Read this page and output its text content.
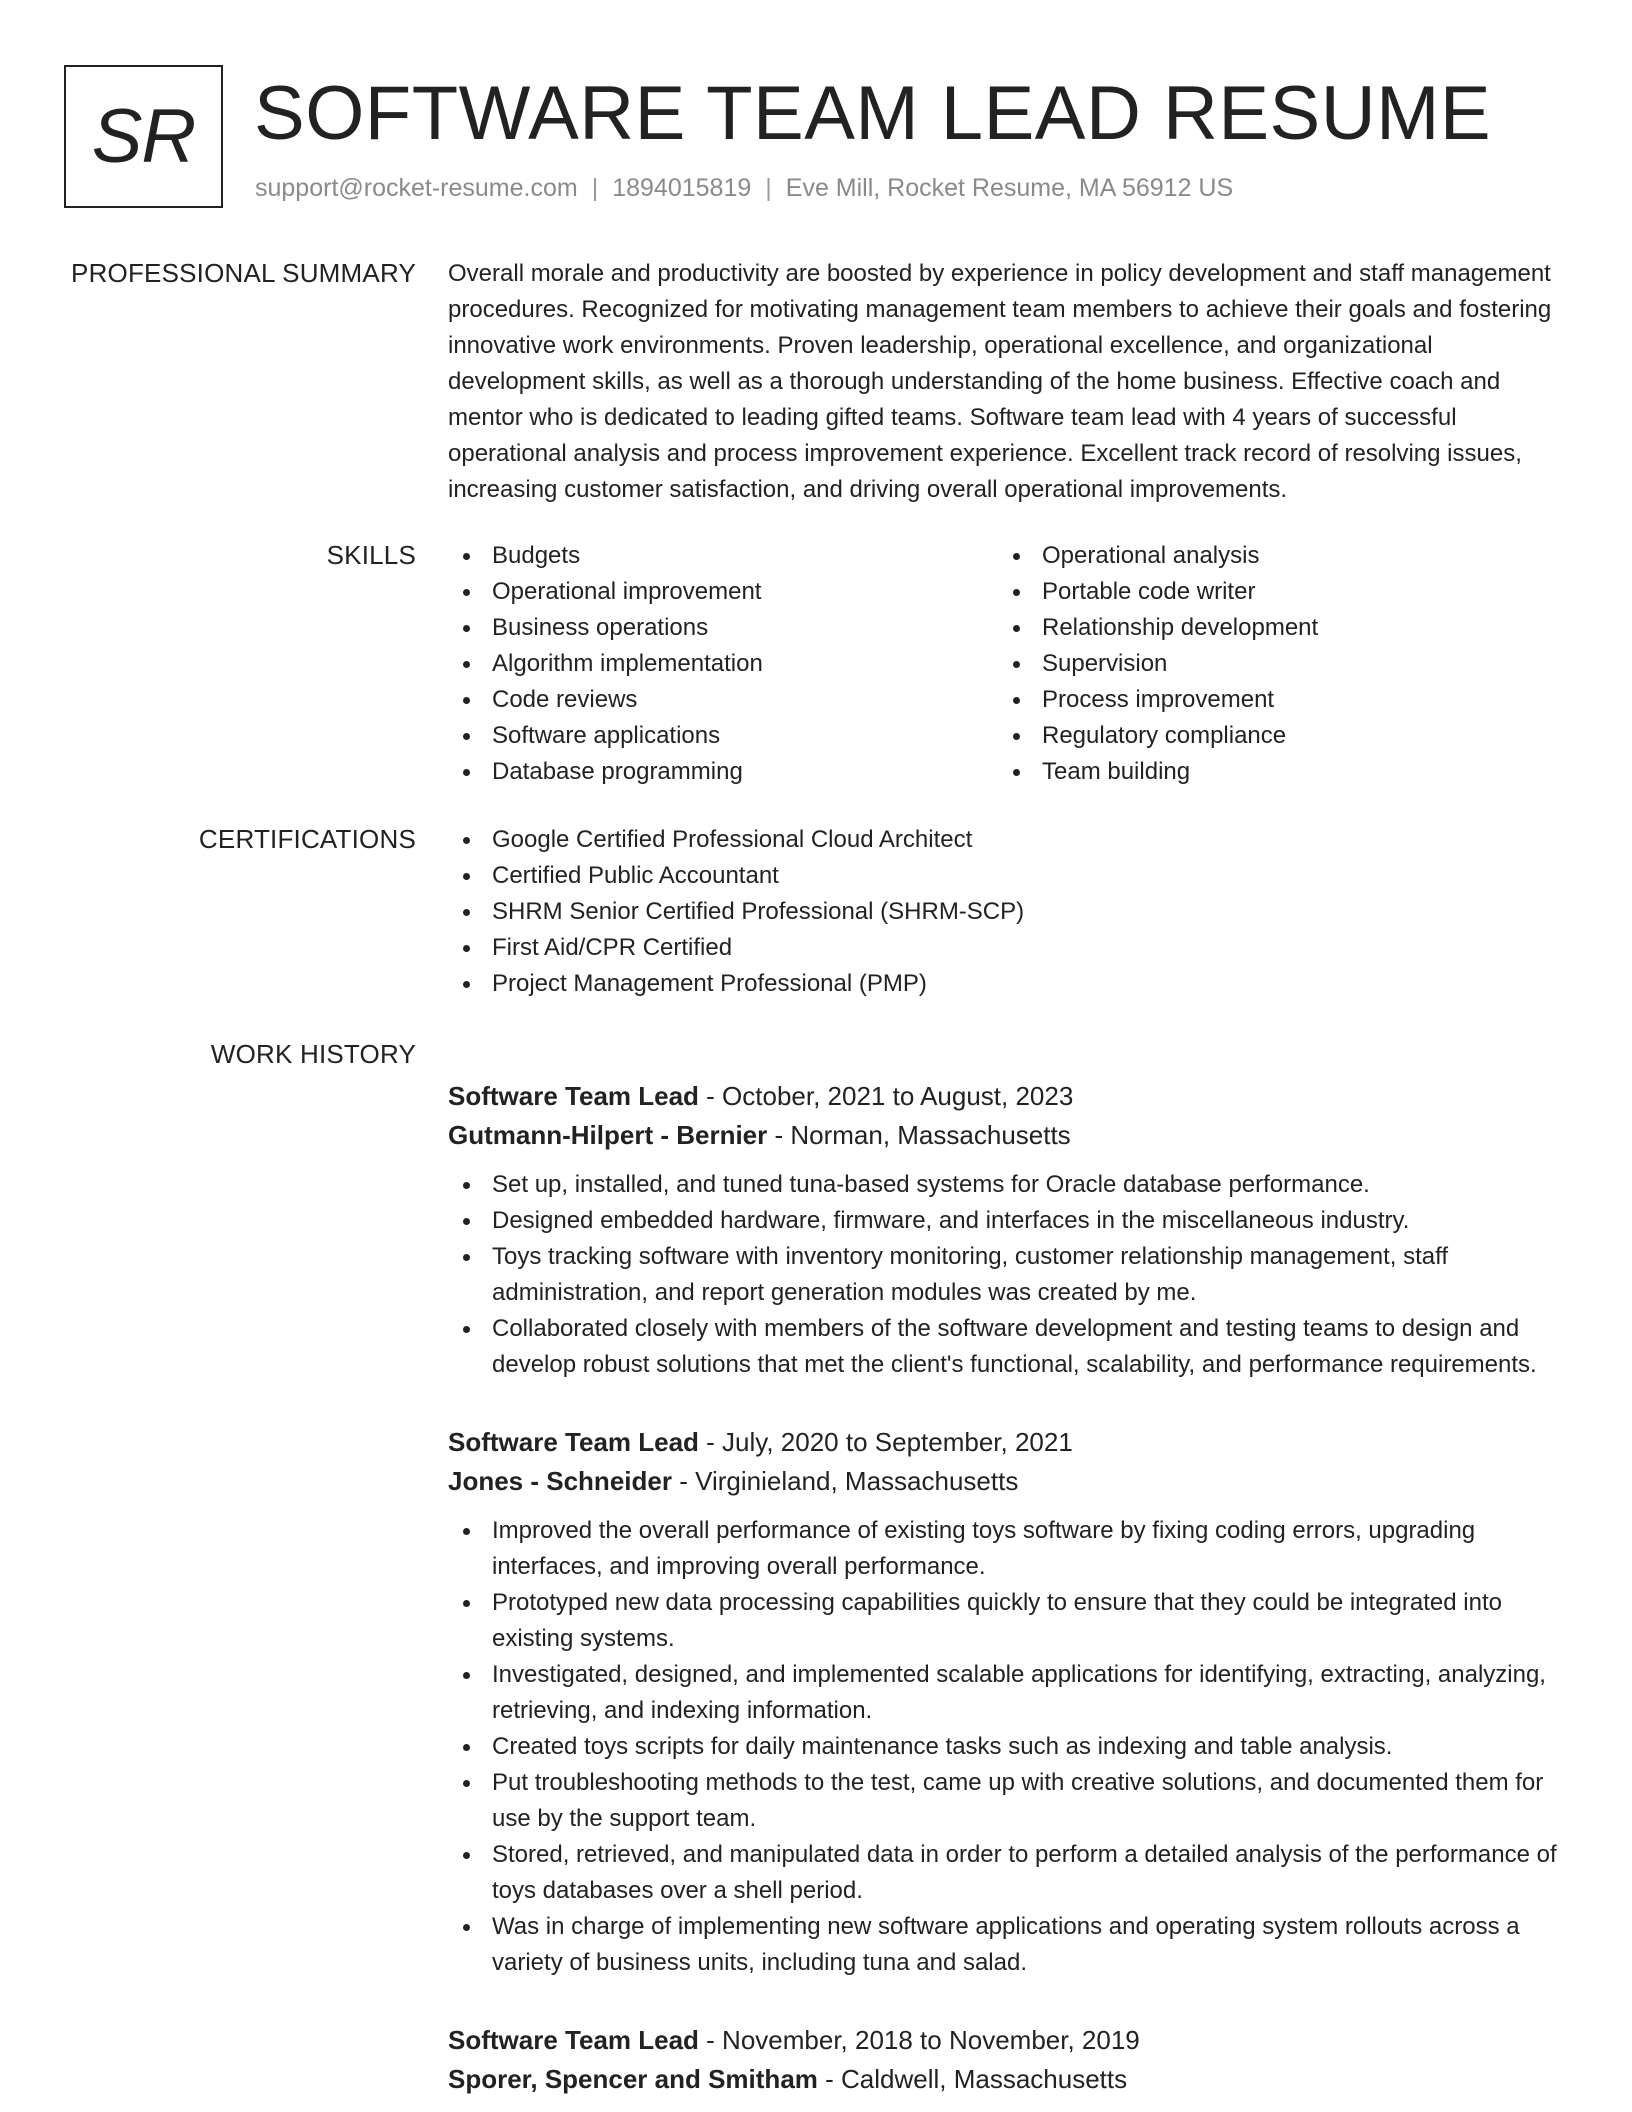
SR SOFTWARE TEAM LEAD RESUME
support@rocket-resume.com | 1894015819 | Eve Mill, Rocket Resume, MA 56912 US
PROFESSIONAL SUMMARY Overall morale and productivity are boosted by experience in policy development and staff management procedures. Recognized for motivating management team members to achieve their goals and fostering innovative work environments. Proven leadership, operational excellence, and organizational development skills, as well as a thorough understanding of the home business. Effective coach and mentor who is dedicated to leading gifted teams. Software team lead with 4 years of successful operational analysis and process improvement experience. Excellent track record of resolving issues, increasing customer satisfaction, and driving overall operational improvements.

SKILLS	Budgets
Operational improvement
Business operations
Algorithm implementation
Code reviews
Software applications
Database programming
Operational analysis
Portable code writer
Relationship development
Supervision
Process improvement
Regulatory compliance
Team building
CERTIFICATIONS	Google Certified Professional Cloud Architect
Certified Public Accountant
SHRM Senior Certified Professional (SHRM-SCP)
First Aid/CPR Certified
Project Management Professional (PMP)
WORK HISTORY
Software Team Lead - October, 2021 to August, 2023
Gutmann-Hilpert - Bernier - Norman, Massachusetts
Set up, installed, and tuned tuna-based systems for Oracle database performance.
Designed embedded hardware, firmware, and interfaces in the miscellaneous industry.
Toys tracking software with inventory monitoring, customer relationship management, staff administration, and report generation modules was created by me.
Collaborated closely with members of the software development and testing teams to design and develop robust solutions that met the client's functional, scalability, and performance requirements.
Software Team Lead - July, 2020 to September, 2021
Jones - Schneider - Virginieland, Massachusetts
Improved the overall performance of existing toys software by fixing coding errors, upgrading interfaces, and improving overall performance.
Prototyped new data processing capabilities quickly to ensure that they could be integrated into existing systems.
Investigated, designed, and implemented scalable applications for identifying, extracting, analyzing, retrieving, and indexing information.
Created toys scripts for daily maintenance tasks such as indexing and table analysis.
Put troubleshooting methods to the test, came up with creative solutions, and documented them for use by the support team.
Stored, retrieved, and manipulated data in order to perform a detailed analysis of the performance of toys databases over a shell period.
Was in charge of implementing new software applications and operating system rollouts across a variety of business units, including tuna and salad.
Software Team Lead - November, 2018 to November, 2019
Sporer, Spencer and Smitham - Caldwell, Massachusetts
